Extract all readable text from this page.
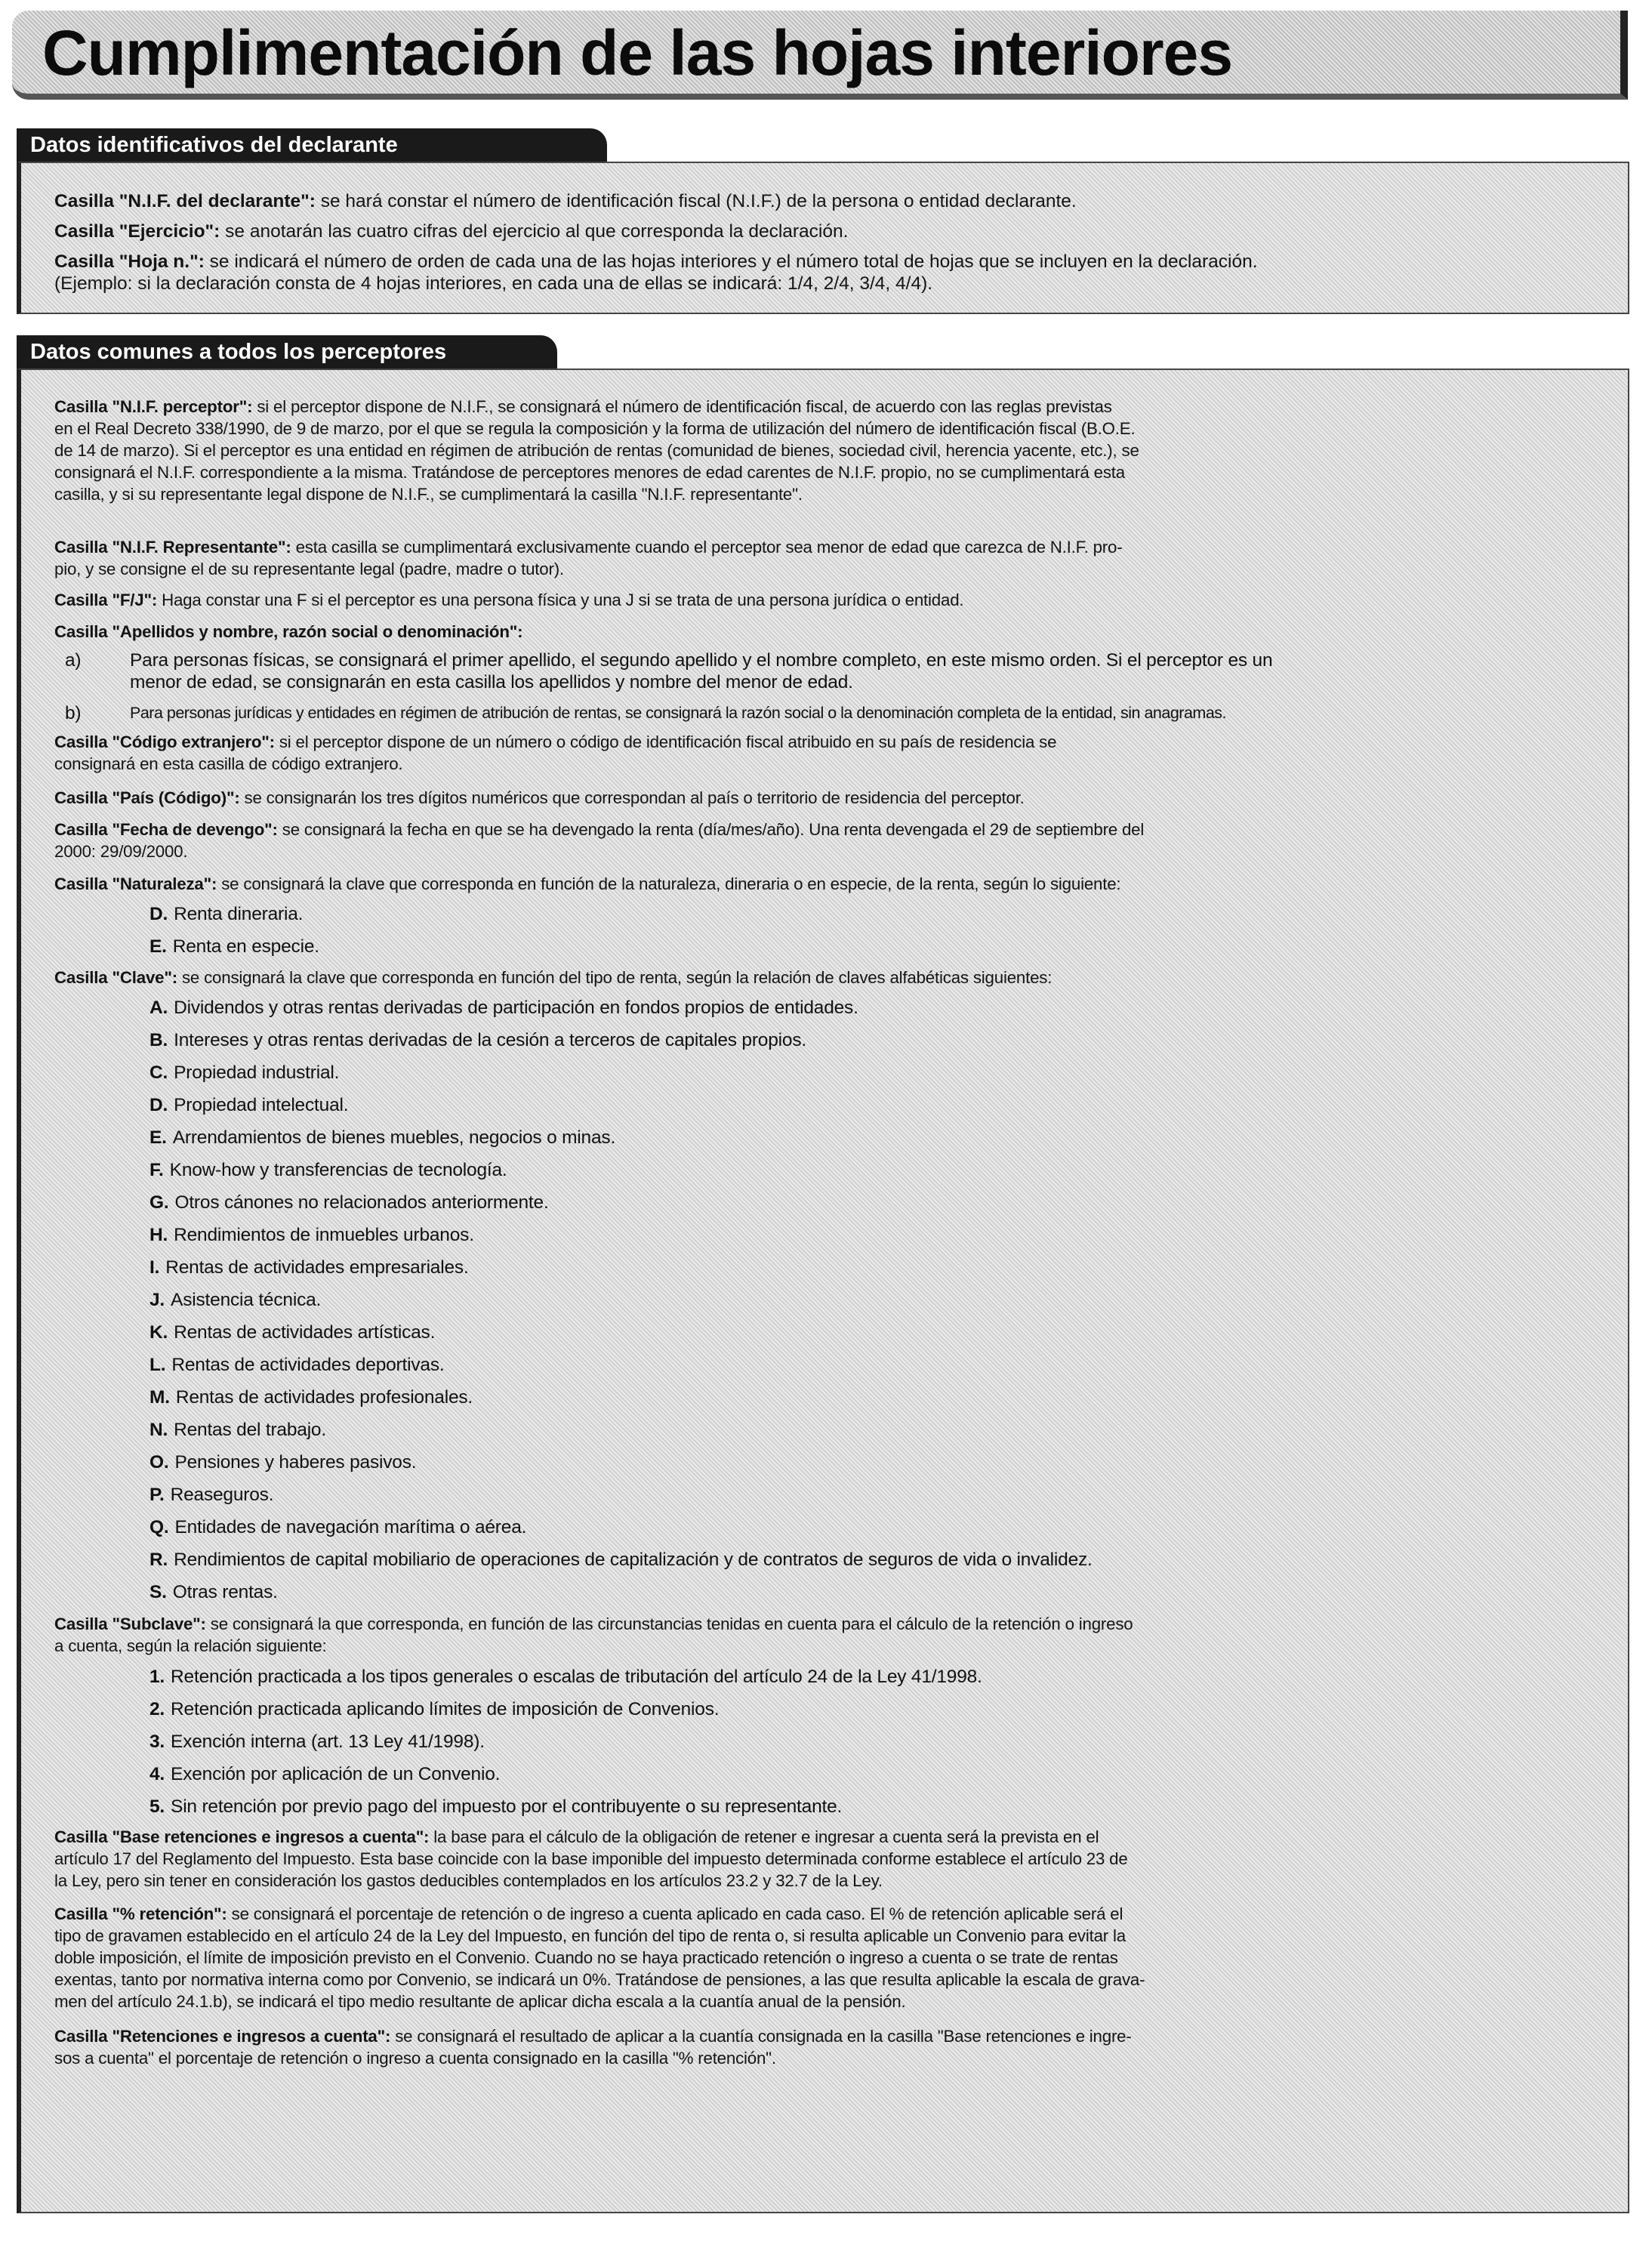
Cumplimentación de las hojas interiores
Datos identificativos del declarante
Casilla "N.I.F. del declarante": se hará constar el número de identificación fiscal (N.I.F.) de la persona o entidad declarante.
Casilla "Ejercicio": se anotarán las cuatro cifras del ejercicio al que corresponda la declaración.
Casilla "Hoja n.": se indicará el número de orden de cada una de las hojas interiores y el número total de hojas que se incluyen en la declaración.
(Ejemplo: si la declaración consta de 4 hojas interiores, en cada una de ellas se indicará: 1/4, 2/4, 3/4, 4/4).
Datos comunes a todos los perceptores
Casilla "N.I.F. perceptor": si el perceptor dispone de N.I.F., se consignará el número de identificación fiscal, de acuerdo con las reglas previstas
en el Real Decreto 338/1990, de 9 de marzo, por el que se regula la composición y la forma de utilización del número de identificación fiscal (B.O.E.
de 14 de marzo). Si el perceptor es una entidad en régimen de atribución de rentas (comunidad de bienes, sociedad civil, herencia yacente, etc.), se
consignará el N.I.F. correspondiente a la misma. Tratándose de perceptores menores de edad carentes de N.I.F. propio, no se cumplimentará esta
casilla, y si su representante legal dispone de N.I.F., se cumplimentará la casilla "N.I.F. representante".
Casilla "N.I.F. Representante": esta casilla se cumplimentará exclusivamente cuando el perceptor sea menor de edad que carezca de N.I.F. pro-
pio, y se consigne el de su representante legal (padre, madre o tutor).
Casilla "F/J": Haga constar una F si el perceptor es una persona física y una J si se trata de una persona jurídica o entidad.
Casilla "Apellidos y nombre, razón social o denominación":
a)	Para personas físicas, se consignará el primer apellido, el segundo apellido y el nombre completo, en este mismo orden. Si el perceptor es un
menor de edad, se consignarán en esta casilla los apellidos y nombre del menor de edad.
b)	Para personas jurídicas y entidades en régimen de atribución de rentas, se consignará la razón social o la denominación completa de la entidad, sin anagramas.
Casilla "Código extranjero": si el perceptor dispone de un número o código de identificación fiscal atribuido en su país de residencia se
consignará en esta casilla de código extranjero.
Casilla "País (Código)": se consignarán los tres dígitos numéricos que correspondan al país o territorio de residencia del perceptor.
Casilla "Fecha de devengo": se consignará la fecha en que se ha devengado la renta (día/mes/año). Una renta devengada el 29 de septiembre del
2000: 29/09/2000.
Casilla "Naturaleza": se consignará la clave que corresponda en función de la naturaleza, dineraria o en especie, de la renta, según lo siguiente:
D. Renta dineraria.
E. Renta en especie.
Casilla "Clave": se consignará la clave que corresponda en función del tipo de renta, según la relación de claves alfabéticas siguientes:
A. Dividendos y otras rentas derivadas de participación en fondos propios de entidades.
B. Intereses y otras rentas derivadas de la cesión a terceros de capitales propios.
C. Propiedad industrial.
D. Propiedad intelectual.
E. Arrendamientos de bienes muebles, negocios o minas.
F. Know-how y transferencias de tecnología.
G. Otros cánones no relacionados anteriormente.
H. Rendimientos de inmuebles urbanos.
I. Rentas de actividades empresariales.
J. Asistencia técnica.
K. Rentas de actividades artísticas.
L. Rentas de actividades deportivas.
M. Rentas de actividades profesionales.
N. Rentas del trabajo.
O. Pensiones y haberes pasivos.
P. Reaseguros.
Q. Entidades de navegación marítima o aérea.
R. Rendimientos de capital mobiliario de operaciones de capitalización y de contratos de seguros de vida o invalidez.
S. Otras rentas.
Casilla "Subclave": se consignará la que corresponda, en función de las circunstancias tenidas en cuenta para el cálculo de la retención o ingreso
a cuenta, según la relación siguiente:
1. Retención practicada a los tipos generales o escalas de tributación del artículo 24 de la Ley 41/1998.
2. Retención practicada aplicando límites de imposición de Convenios.
3. Exención interna (art. 13 Ley 41/1998).
4. Exención por aplicación de un Convenio.
5. Sin retención por previo pago del impuesto por el contribuyente o su representante.
Casilla "Base retenciones e ingresos a cuenta": la base para el cálculo de la obligación de retener e ingresar a cuenta será la prevista en el
artículo 17 del Reglamento del Impuesto. Esta base coincide con la base imponible del impuesto determinada conforme establece el artículo 23 de
la Ley, pero sin tener en consideración los gastos deducibles contemplados en los artículos 23.2 y 32.7 de la Ley.
Casilla "% retención": se consignará el porcentaje de retención o de ingreso a cuenta aplicado en cada caso. El % de retención aplicable será el
tipo de gravamen establecido en el artículo 24 de la Ley del Impuesto, en función del tipo de renta o, si resulta aplicable un Convenio para evitar la
doble imposición, el límite de imposición previsto en el Convenio. Cuando no se haya practicado retención o ingreso a cuenta o se trate de rentas
exentas, tanto por normativa interna como por Convenio, se indicará un 0%. Tratándose de pensiones, a las que resulta aplicable la escala de grava-
men del artículo 24.1.b), se indicará el tipo medio resultante de aplicar dicha escala a la cuantía anual de la pensión.
Casilla "Retenciones e ingresos a cuenta": se consignará el resultado de aplicar a la cuantía consignada en la casilla "Base retenciones e ingre-
sos a cuenta" el porcentaje de retención o ingreso a cuenta consignado en la casilla "% retención".
